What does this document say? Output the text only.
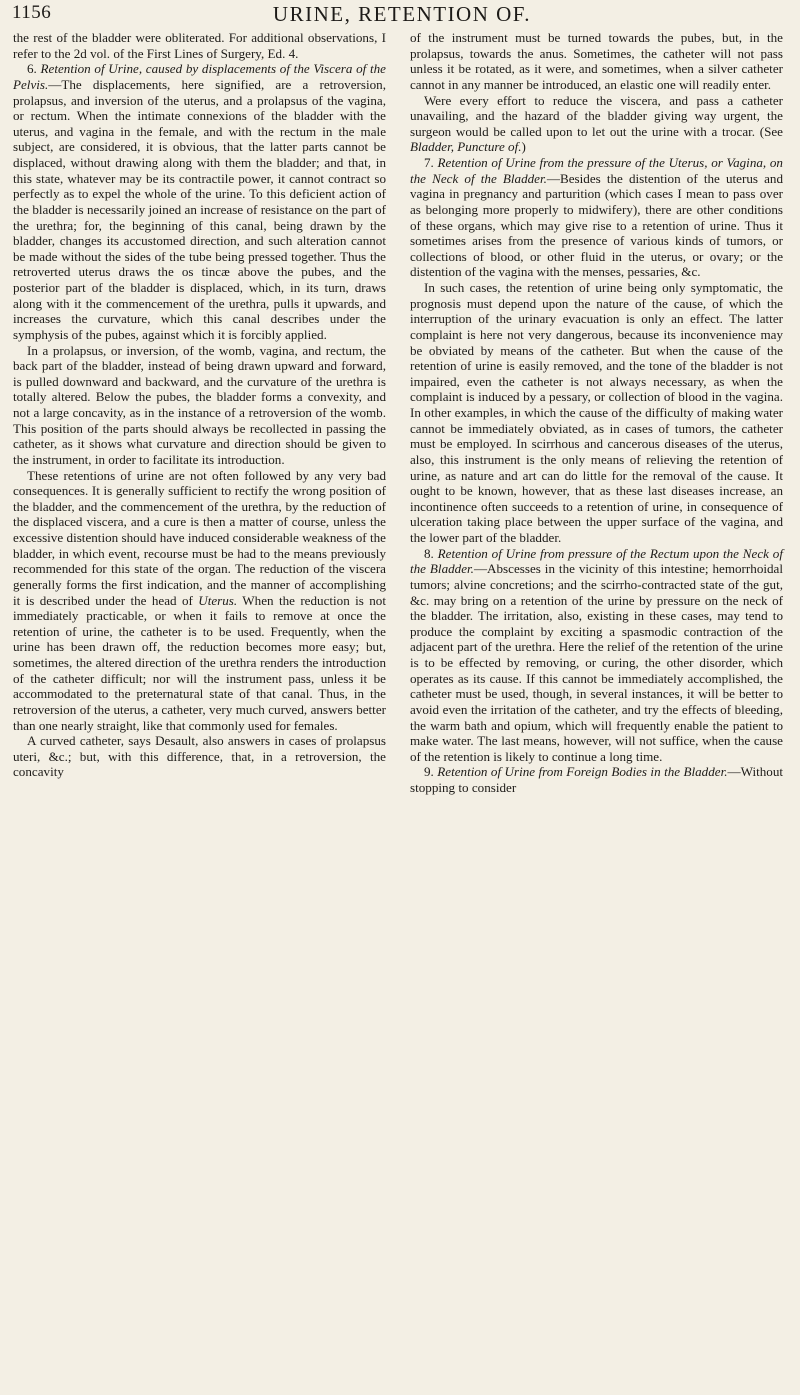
1156	URINE, RETENTION OF.

the rest of the bladder were obliterated. For additional observations, I refer to the 2d vol. of the First Lines of Surgery, Ed. 4.

6. Retention of Urine, caused by displacements of the Viscera of the Pelvis.—The displacements, here signified, are a retroversion, prolapsus, and inversion of the uterus, and a prolapsus of the vagina, or rectum. When the intimate connexions of the bladder with the uterus, and vagina in the female, and with the rectum in the male subject, are considered, it is obvious, that the latter parts cannot be displaced, without drawing along with them the bladder; and that, in this state, whatever may be its contractile power, it cannot contract so perfectly as to expel the whole of the urine. To this deficient action of the bladder is necessarily joined an increase of resistance on the part of the urethra; for, the beginning of this canal, being drawn by the bladder, changes its accustomed direction, and such alteration cannot be made without the sides of the tube being pressed together. Thus the retroverted uterus draws the os tincæ above the pubes, and the posterior part of the bladder is displaced, which, in its turn, draws along with it the commencement of the urethra, pulls it upwards, and increases the curvature, which this canal describes under the symphysis of the pubes, against which it is forcibly applied.

In a prolapsus, or inversion, of the womb, vagina, and rectum, the back part of the bladder, instead of being drawn upward and forward, is pulled downward and backward, and the curvature of the urethra is totally altered. Below the pubes, the bladder forms a convexity, and not a large concavity, as in the instance of a retroversion of the womb. This position of the parts should always be recollected in passing the catheter, as it shows what curvature and direction should be given to the instrument, in order to facilitate its introduction.

These retentions of urine are not often followed by any very bad consequences. It is generally sufficient to rectify the wrong position of the bladder, and the commencement of the urethra, by the reduction of the displaced viscera, and a cure is then a matter of course, unless the excessive distention should have induced considerable weakness of the bladder, in which event, recourse must be had to the means previously recommended for this state of the organ. The reduction of the viscera generally forms the first indication, and the manner of accomplishing it is described under the head of Uterus. When the reduction is not immediately practicable, or when it fails to remove at once the retention of urine, the catheter is to be used. Frequently, when the urine has been drawn off, the reduction becomes more easy; but, sometimes, the altered direction of the urethra renders the introduction of the catheter difficult; nor will the instrument pass, unless it be accommodated to the preternatural state of that canal. Thus, in the retroversion of the uterus, a catheter, very much curved, answers better than one nearly straight, like that commonly used for females.

A curved catheter, says Desault, also answers in cases of prolapsus uteri, &c.; but, with this difference, that, in a retroversion, the concavity

of the instrument must be turned towards the pubes, but, in the prolapsus, towards the anus. Sometimes, the catheter will not pass unless it be rotated, as it were, and sometimes, when a silver catheter cannot in any manner be introduced, an elastic one will readily enter.

Were every effort to reduce the viscera, and pass a catheter unavailing, and the hazard of the bladder giving way urgent, the surgeon would be called upon to let out the urine with a trocar. (See Bladder, Puncture of.)

7. Retention of Urine from the pressure of the Uterus, or Vagina, on the Neck of the Bladder.—Besides the distention of the uterus and vagina in pregnancy and parturition (which cases I mean to pass over as belonging more properly to midwifery), there are other conditions of these organs, which may give rise to a retention of urine. Thus it sometimes arises from the presence of various kinds of tumors, or collections of blood, or other fluid in the uterus, or ovary; or the distention of the vagina with the menses, pessaries, &c.

In such cases, the retention of urine being only symptomatic, the prognosis must depend upon the nature of the cause, of which the interruption of the urinary evacuation is only an effect. The latter complaint is here not very dangerous, because its inconvenience may be obviated by means of the catheter. But when the cause of the retention of urine is easily removed, and the tone of the bladder is not impaired, even the catheter is not always necessary, as when the complaint is induced by a pessary, or collection of blood in the vagina. In other examples, in which the cause of the difficulty of making water cannot be immediately obviated, as in cases of tumors, the catheter must be employed. In scirrhous and cancerous diseases of the uterus, also, this instrument is the only means of relieving the retention of urine, as nature and art can do little for the removal of the cause. It ought to be known, however, that as these last diseases increase, an incontinence often succeeds to a retention of urine, in consequence of ulceration taking place between the upper surface of the vagina, and the lower part of the bladder.

8. Retention of Urine from pressure of the Rectum upon the Neck of the Bladder.—Abscesses in the vicinity of this intestine; hemorrhoidal tumors; alvine concretions; and the scirrho-contracted state of the gut, &c. may bring on a retention of the urine by pressure on the neck of the bladder. The irritation, also, existing in these cases, may tend to produce the complaint by exciting a spasmodic contraction of the adjacent part of the urethra. Here the relief of the retention of the urine is to be effected by removing, or curing, the other disorder, which operates as its cause. If this cannot be immediately accomplished, the catheter must be used, though, in several instances, it will be better to avoid even the irritation of the catheter, and try the effects of bleeding, the warm bath and opium, which will frequently enable the patient to make water. The last means, however, will not suffice, when the cause of the retention is likely to continue a long time.

9. Retention of Urine from Foreign Bodies in the Bladder.—Without stopping to consider
